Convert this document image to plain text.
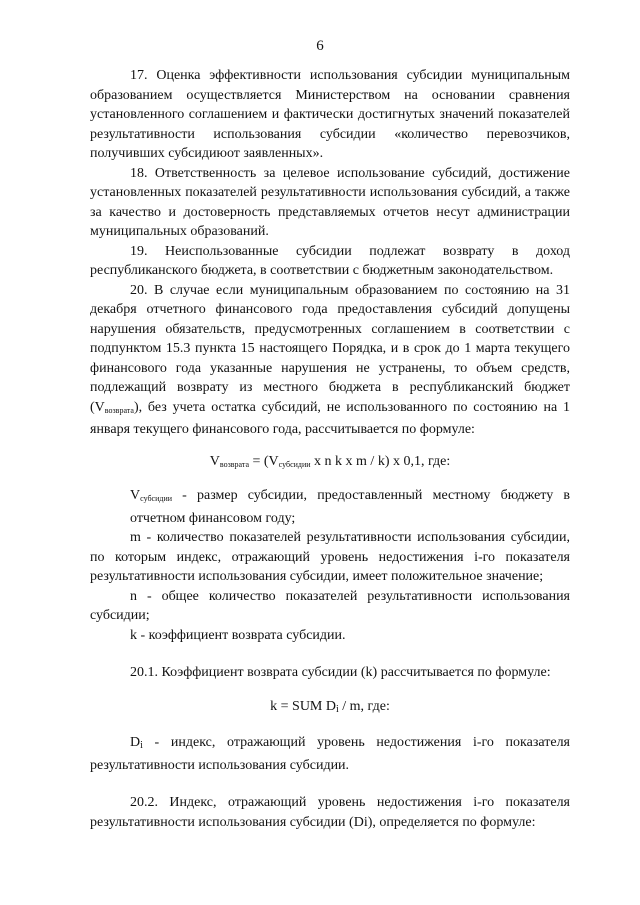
6

17. Оценка эффективности использования субсидии муниципальным образованием осуществляется Министерством на основании сравнения установленного соглашением и фактически достигнутых значений показателей результативности использования субсидии «количество перевозчиков, получивших субсидиюот заявленных».

18. Ответственность за целевое использование субсидий, достижение установленных показателей результативности использования субсидий, а также за качество и достоверность представляемых отчетов несут администрации муниципальных образований.

19. Неиспользованные субсидии подлежат возврату в доход республиканского бюджета, в соответствии с бюджетным законодательством.

20. В случае если муниципальным образованием по состоянию на 31 декабря отчетного финансового года предоставления субсидий допущены нарушения обязательств, предусмотренных соглашением в соответствии с подпунктом 15.3 пункта 15 настоящего Порядка, и в срок до 1 марта текущего финансового года указанные нарушения не устранены, то объем средств, подлежащий возврату из местного бюджета в республиканский бюджет $(V_{возврата})$, без учета остатка субсидий, не использованного по состоянию на 1 января текущего финансового года, рассчитывается по формуле:

$V_{возврата} = (V_{субсидии}$ x n k x m / k) x 0,1, где:

$V_{субсидии}$ - размер субсидии, предоставленный местному бюджету в отчетном финансовом году;

m - количество показателей результативности использования субсидии, по которым индекс, отражающий уровень недостижения i-го показателя результативности использования субсидии, имеет положительное значение;

n - общее количество показателей результативности использования субсидии;

k - коэффициент возврата субсидии.

20.1. Коэффициент возврата субсидии (k) рассчитывается по формуле:

k = SUM $D_i$ / m, где:

$D_i$ - индекс, отражающий уровень недостижения i-го показателя результативности использования субсидии.

20.2. Индекс, отражающий уровень недостижения i-го показателя результативности использования субсидии (Di), определяется по формуле:
